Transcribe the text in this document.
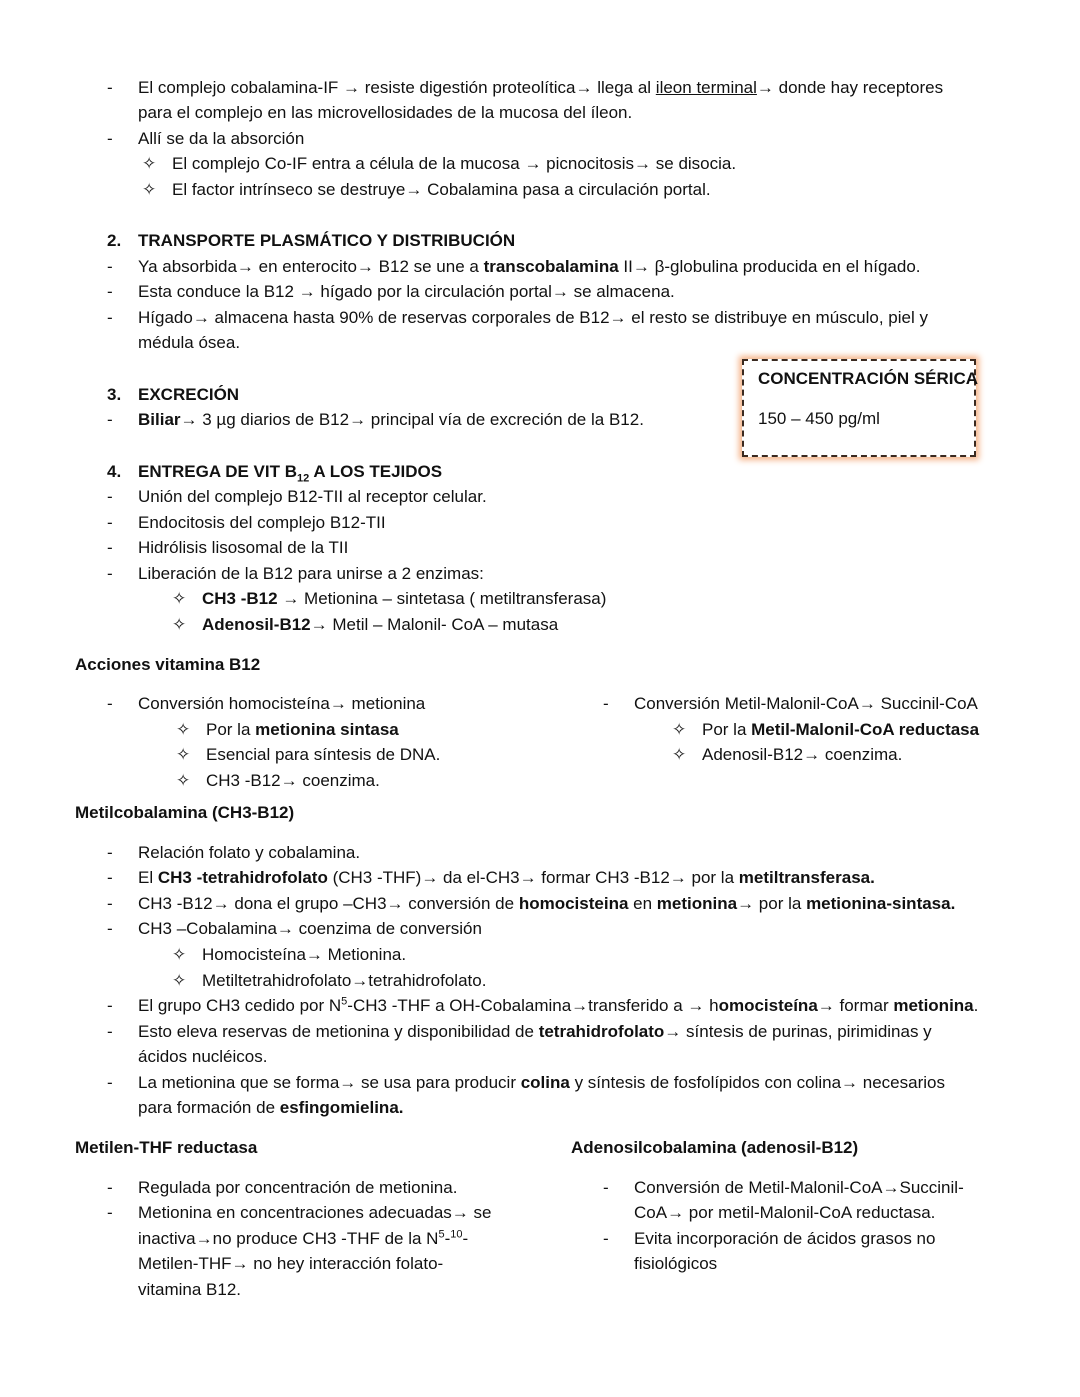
- El complejo cobalamina-IF → resiste digestión proteolítica→ llega al ileon terminal→ donde hay receptores
para el complejo en las microvellosidades de la mucosa del íleon.
- Allí se da la absorción
✧ El complejo Co-IF entra a célula de la mucosa → picnocitosis→ se disocia.
✧ El factor intrínseco se destruye→ Cobalamina pasa a circulación portal.
2. TRANSPORTE PLASMÁTICO Y DISTRIBUCIÓN
- Ya absorbida→ en enterocito→ B12 se une a transcobalamina II→ β-globulina producida en el hígado.
- Esta conduce la B12 → hígado por la circulación portal→ se almacena.
- Hígado→ almacena hasta 90% de reservas corporales de B12→ el resto se distribuye en músculo, piel y
médula ósea.
3. EXCRECIÓN
- Biliar→ 3 µg diarios de B12→ principal vía de excreción de la B12.
CONCENTRACIÓN SÉRICA
150 – 450 pg/ml
4. ENTREGA DE VIT $B_{12}$ A LOS TEJIDOS
- Unión del complejo B12-TII al receptor celular.
- Endocitosis del complejo B12-TII
- Hidrólisis lisosomal de la TII
- Liberación de la B12 para unirse a 2 enzimas:
✧ CH3 -B12 → Metionina – sintetasa ( metiltransferasa)
✧ Adenosil-B12→ Metil – Malonil- CoA – mutasa
Acciones vitamina B12
- Conversión homocisteína→ metionina
✧ Por la metionina sintasa
✧ Esencial para síntesis de DNA.
✧ CH3 -B12→ coenzima.
- Conversión Metil-Malonil-CoA→ Succinil-CoA
✧ Por la Metil-Malonil-CoA reductasa
✧ Adenosil-B12→ coenzima.
Metilcobalamina (CH3-B12)
- Relación folato y cobalamina.
- El CH3 -tetrahidrofolato (CH3 -THF)→ da el-CH3→ formar CH3 -B12→ por la metiltransferasa.
- CH3 -B12→ dona el grupo –CH3→ conversión de homocisteina en metionina→ por la metionina-sintasa.
- CH3 –Cobalamina→ coenzima de conversión
✧ Homocisteína→ Metionina.
✧ Metiltetrahidrofolato→tetrahidrofolato.
- El grupo CH3 cedido por $N^5-CH3$ -THF a OH-Cobalamina→transferido a → homocisteína→ formar metionina.
- Esto eleva reservas de metionina y disponibilidad de tetrahidrofolato→ síntesis de purinas, pirimidinas y
ácidos nucléicos.
- La metionina que se forma→ se usa para producir colina y síntesis de fosfolípidos con colina→ necesarios
para formación de esfingomielina.
Metilen-THF reductasa
- Regulada por concentración de metionina.
- Metionina en concentraciones adecuadas→ se
inactiva→no produce CH3 -THF de la $N^5-^{10}-$
Metilen-THF→ no hey interacción folato-
vitamina B12.
Adenosilcobalamina (adenosil-B12)
- Conversión de Metil-Malonil-CoA→Succinil-
CoA→ por metil-Malonil-CoA reductasa.
- Evita incorporación de ácidos grasos no
fisiológicos
